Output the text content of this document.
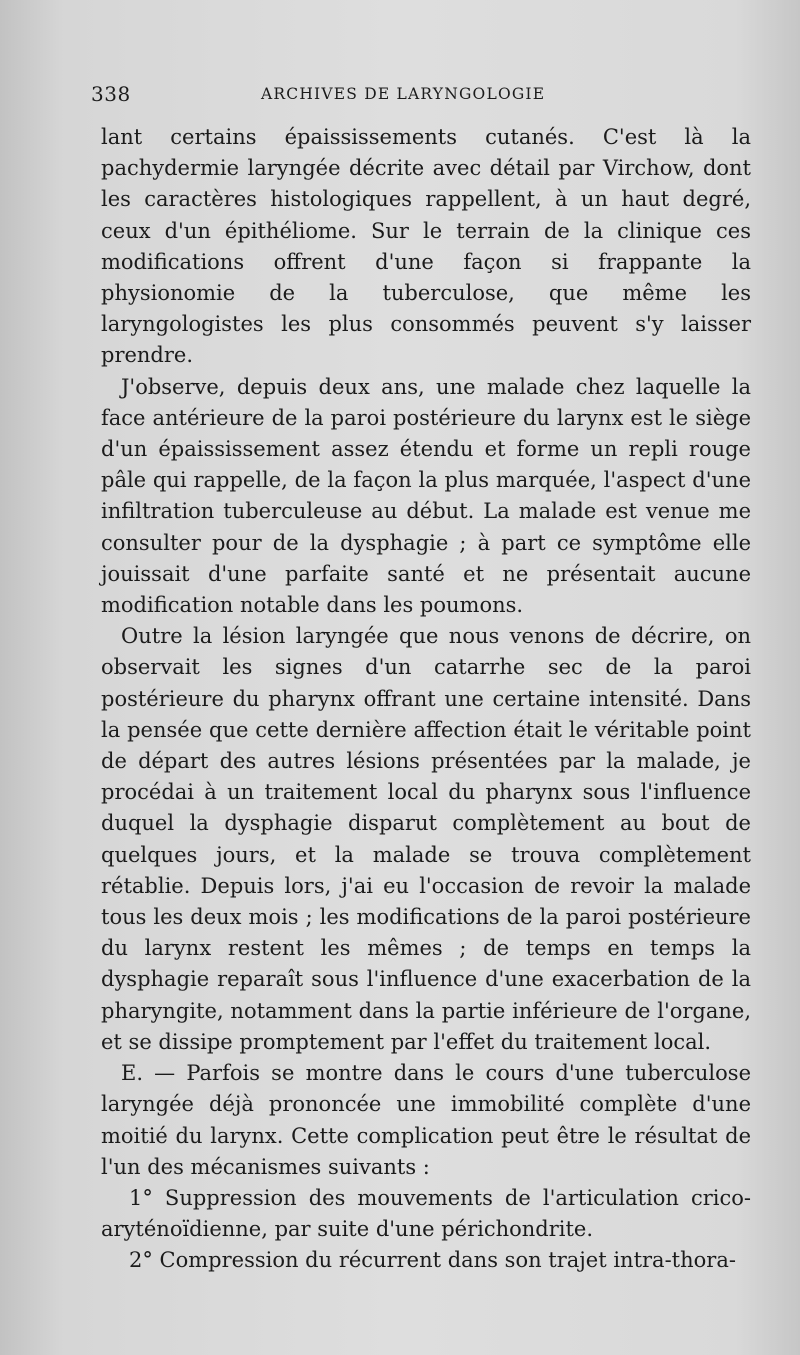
338	ARCHIVES DE LARYNGOLOGIE

lant certains épaississements cutanés. C'est là la pachydermie laryngée décrite avec détail par Virchow, dont les caractères histologiques rappellent, à un haut degré, ceux d'un épithéliome. Sur le terrain de la clinique ces modifications offrent d'une façon si frappante la physionomie de la tuberculose, que même les laryngologistes les plus consommés peuvent s'y laisser prendre.

J'observe, depuis deux ans, une malade chez laquelle la face antérieure de la paroi postérieure du larynx est le siège d'un épaississement assez étendu et forme un repli rouge pâle qui rappelle, de la façon la plus marquée, l'aspect d'une infiltration tuberculeuse au début. La malade est venue me consulter pour de la dysphagie ; à part ce symptôme elle jouissait d'une parfaite santé et ne présentait aucune modification notable dans les poumons.

Outre la lésion laryngée que nous venons de décrire, on observait les signes d'un catarrhe sec de la paroi postérieure du pharynx offrant une certaine intensité. Dans la pensée que cette dernière affection était le véritable point de départ des autres lésions présentées par la malade, je procédai à un traitement local du pharynx sous l'influence duquel la dysphagie disparut complètement au bout de quelques jours, et la malade se trouva complètement rétablie. Depuis lors, j'ai eu l'occasion de revoir la malade tous les deux mois ; les modifications de la paroi postérieure du larynx restent les mêmes ; de temps en temps la dysphagie reparaît sous l'influence d'une exacerbation de la pharyngite, notamment dans la partie inférieure de l'organe, et se dissipe promptement par l'effet du traitement local.

E. — Parfois se montre dans le cours d'une tuberculose laryngée déjà prononcée une immobilité complète d'une moitié du larynx. Cette complication peut être le résultat de l'un des mécanismes suivants :

1° Suppression des mouvements de l'articulation crico-aryténoïdienne, par suite d'une périchondrite.

2° Compression du récurrent dans son trajet intra-thora-
